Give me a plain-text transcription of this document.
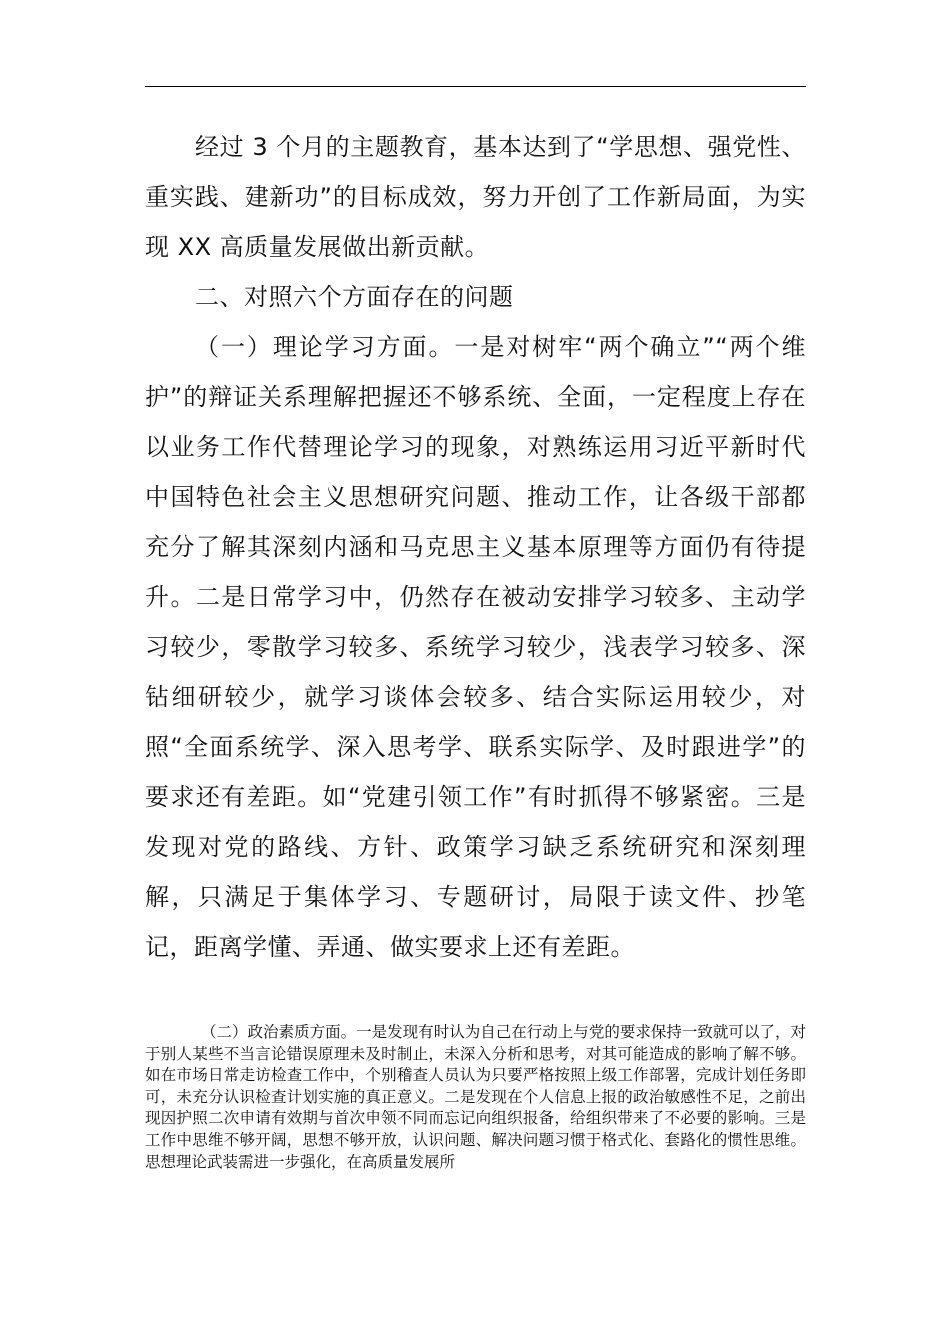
经过 3 个月的主题教育，基本达到了“学思想、强党性、重实践、建新功”的目标成效，努力开创了工作新局面，为实现 XX 高质量发展做出新贡献。

二、对照六个方面存在的问题

（一）理论学习方面。一是对树牢“两个确立”“两个维护”的辩证关系理解把握还不够系统、全面，一定程度上存在以业务工作代替理论学习的现象，对熟练运用习近平新时代中国特色社会主义思想研究问题、推动工作，让各级干部都充分了解其深刻内涵和马克思主义基本原理等方面仍有待提升。二是日常学习中，仍然存在被动安排学习较多、主动学习较少，零散学习较多、系统学习较少，浅表学习较多、深钻细研较少，就学习谈体会较多、结合实际运用较少，对照“全面系统学、深入思考学、联系实际学、及时跟进学”的要求还有差距。如“党建引领工作”有时抓得不够紧密。三是发现对党的路线、方针、政策学习缺乏系统研究和深刻理解，只满足于集体学习、专题研讨，局限于读文件、抄笔记，距离学懂、弄通、做实要求上还有差距。

（二）政治素质方面。一是发现有时认为自己在行动上与党的要求保持一致就可以了，对于别人某些不当言论错误原理未及时制止，未深入分析和思考，对其可能造成的影响了解不够。如在市场日常走访检查工作中，个别稽查人员认为只要严格按照上级工作部署，完成计划任务即可，未充分认识检查计划实施的真正意义。二是发现在个人信息上报的政治敏感性不足，之前出现因护照二次申请有效期与首次申领不同而忘记向组织报备，给组织带来了不必要的影响。三是工作中思维不够开阔，思想不够开放，认识问题、解决问题习惯于格式化、套路化的惯性思维。思想理论武装需进一步强化，在高质量发展所
